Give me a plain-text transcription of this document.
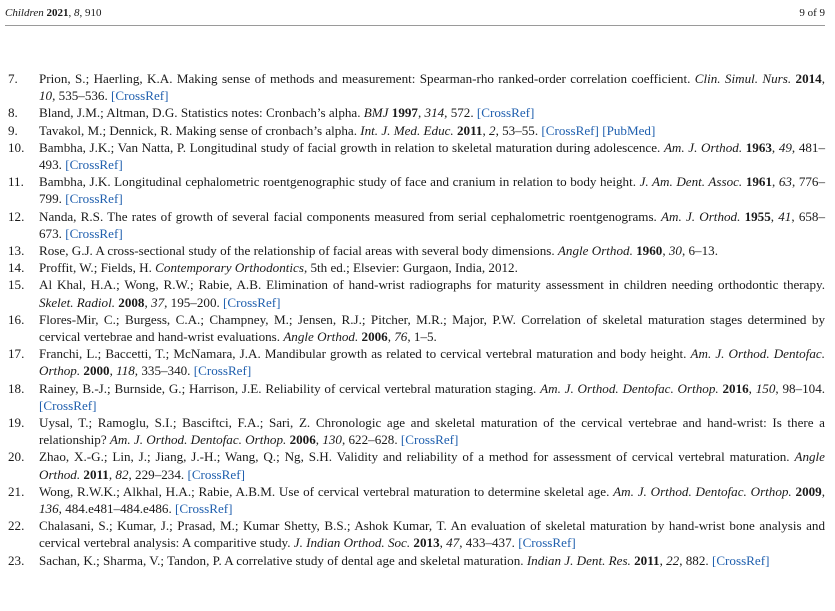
Children 2021, 8, 910	9 of 9
7.	Prion, S.; Haerling, K.A. Making sense of methods and measurement: Spearman-rho ranked-order correlation coefficient. Clin. Simul. Nurs. 2014, 10, 535–536. [CrossRef]
8.	Bland, J.M.; Altman, D.G. Statistics notes: Cronbach’s alpha. BMJ 1997, 314, 572. [CrossRef]
9.	Tavakol, M.; Dennick, R. Making sense of cronbach’s alpha. Int. J. Med. Educ. 2011, 2, 53–55. [CrossRef] [PubMed]
10.	Bambha, J.K.; Van Natta, P. Longitudinal study of facial growth in relation to skeletal maturation during adolescence. Am. J. Orthod. 1963, 49, 481–493. [CrossRef]
11.	Bambha, J.K. Longitudinal cephalometric roentgenographic study of face and cranium in relation to body height. J. Am. Dent. Assoc. 1961, 63, 776–799. [CrossRef]
12.	Nanda, R.S. The rates of growth of several facial components measured from serial cephalometric roentgenograms. Am. J. Orthod. 1955, 41, 658–673. [CrossRef]
13.	Rose, G.J. A cross-sectional study of the relationship of facial areas with several body dimensions. Angle Orthod. 1960, 30, 6–13.
14.	Proffit, W.; Fields, H. Contemporary Orthodontics, 5th ed.; Elsevier: Gurgaon, India, 2012.
15.	Al Khal, H.A.; Wong, R.W.; Rabie, A.B. Elimination of hand-wrist radiographs for maturity assessment in children needing orthodontic therapy. Skelet. Radiol. 2008, 37, 195–200. [CrossRef]
16.	Flores-Mir, C.; Burgess, C.A.; Champney, M.; Jensen, R.J.; Pitcher, M.R.; Major, P.W. Correlation of skeletal maturation stages determined by cervical vertebrae and hand-wrist evaluations. Angle Orthod. 2006, 76, 1–5.
17.	Franchi, L.; Baccetti, T.; McNamara, J.A. Mandibular growth as related to cervical vertebral maturation and body height. Am. J. Orthod. Dentofac. Orthop. 2000, 118, 335–340. [CrossRef]
18.	Rainey, B.-J.; Burnside, G.; Harrison, J.E. Reliability of cervical vertebral maturation staging. Am. J. Orthod. Dentofac. Orthop. 2016, 150, 98–104. [CrossRef]
19.	Uysal, T.; Ramoglu, S.I.; Basciftci, F.A.; Sari, Z. Chronologic age and skeletal maturation of the cervical vertebrae and hand-wrist: Is there a relationship? Am. J. Orthod. Dentofac. Orthop. 2006, 130, 622–628. [CrossRef]
20.	Zhao, X.-G.; Lin, J.; Jiang, J.-H.; Wang, Q.; Ng, S.H. Validity and reliability of a method for assessment of cervical vertebral maturation. Angle Orthod. 2011, 82, 229–234. [CrossRef]
21.	Wong, R.W.K.; Alkhal, H.A.; Rabie, A.B.M. Use of cervical vertebral maturation to determine skeletal age. Am. J. Orthod. Dentofac. Orthop. 2009, 136, 484.e481–484.e486. [CrossRef]
22.	Chalasani, S.; Kumar, J.; Prasad, M.; Kumar Shetty, B.S.; Ashok Kumar, T. An evaluation of skeletal maturation by hand-wrist bone analysis and cervical vertebral analysis: A comparitive study. J. Indian Orthod. Soc. 2013, 47, 433–437. [CrossRef]
23.	Sachan, K.; Sharma, V.; Tandon, P. A correlative study of dental age and skeletal maturation. Indian J. Dent. Res. 2011, 22, 882. [CrossRef]
